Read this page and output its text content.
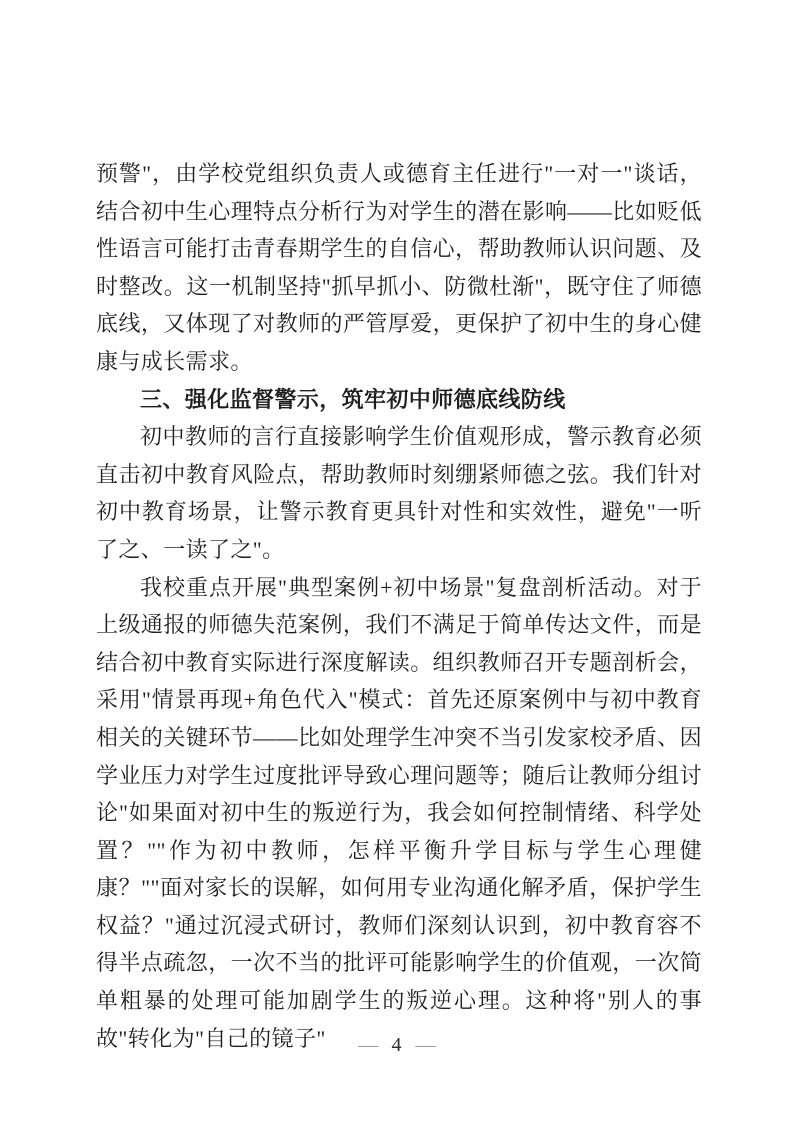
预警"，由学校党组织负责人或德育主任进行"一对一"谈话，结合初中生心理特点分析行为对学生的潜在影响——比如贬低性语言可能打击青春期学生的自信心，帮助教师认识问题、及时整改。这一机制坚持"抓早抓小、防微杜渐"，既守住了师德底线，又体现了对教师的严管厚爱，更保护了初中生的身心健康与成长需求。

三、强化监督警示，筑牢初中师德底线防线

初中教师的言行直接影响学生价值观形成，警示教育必须直击初中教育风险点，帮助教师时刻绷紧师德之弦。我们针对初中教育场景，让警示教育更具针对性和实效性，避免"一听了之、一读了之"。

我校重点开展"典型案例+初中场景"复盘剖析活动。对于上级通报的师德失范案例，我们不满足于简单传达文件，而是结合初中教育实际进行深度解读。组织教师召开专题剖析会，采用"情景再现+角色代入"模式：首先还原案例中与初中教育相关的关键环节——比如处理学生冲突不当引发家校矛盾、因学业压力对学生过度批评导致心理问题等；随后让教师分组讨论"如果面对初中生的叛逆行为，我会如何控制情绪、科学处置？""作为初中教师，怎样平衡升学目标与学生心理健康？""面对家长的误解，如何用专业沟通化解矛盾，保护学生权益？"通过沉浸式研讨，教师们深刻认识到，初中教育容不得半点疏忽，一次不当的批评可能影响学生的价值观，一次简单粗暴的处理可能加剧学生的叛逆心理。这种将"别人的事故"转化为"自己的镜子"	— 4 —
